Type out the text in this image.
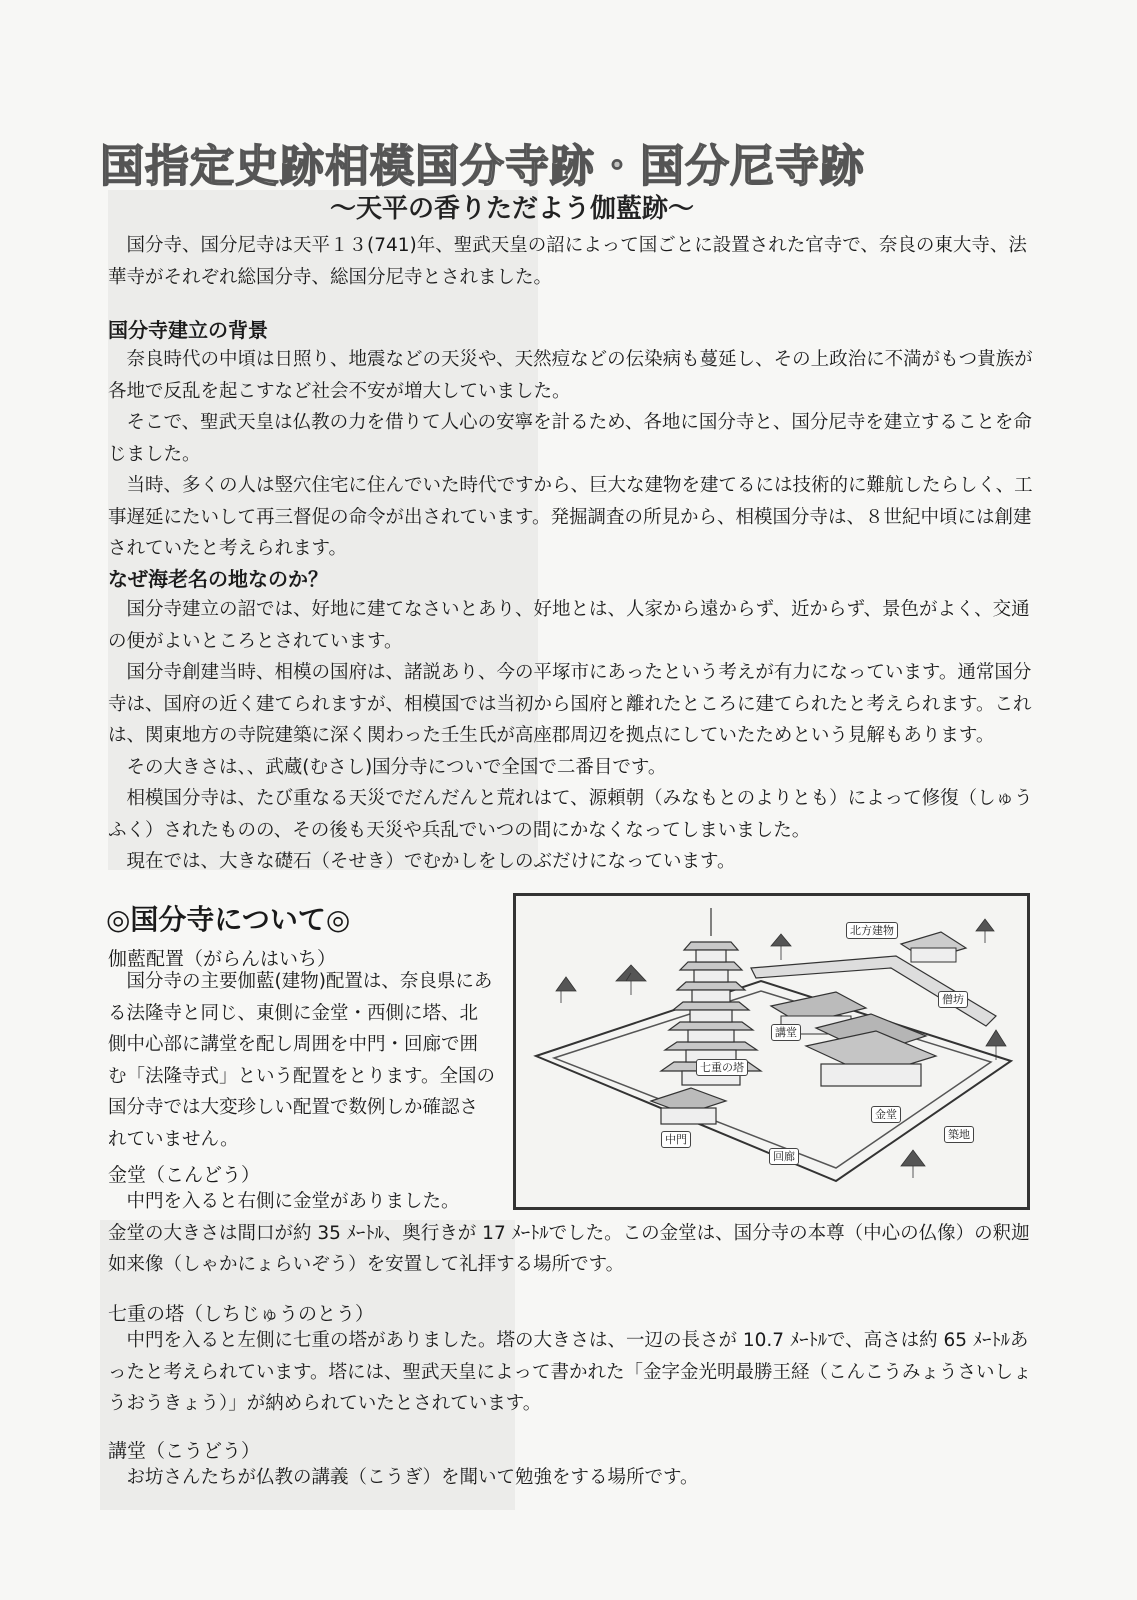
国指定史跡相模国分寺跡・国分尼寺跡
～天平の香りただよう伽藍跡～

国分寺、国分尼寺は天平１３(741)年、聖武天皇の詔によって国ごとに設置された官寺で、奈良の東大寺、法華寺がそれぞれ総国分寺、総国分尼寺とされました。

国分寺建立の背景

奈良時代の中頃は日照り、地震などの天災や、天然痘などの伝染病も蔓延し、その上政治に不満がもつ貴族が各地で反乱を起こすなど社会不安が増大していました。

そこで、聖武天皇は仏教の力を借りて人心の安寧を計るため、各地に国分寺と、国分尼寺を建立することを命じました。

当時、多くの人は竪穴住宅に住んでいた時代ですから、巨大な建物を建てるには技術的に難航したらしく、工事遅延にたいして再三督促の命令が出されています。発掘調査の所見から、相模国分寺は、８世紀中頃には創建されていたと考えられます。

なぜ海老名の地なのか？

国分寺建立の詔では、好地に建てなさいとあり、好地とは、人家から遠からず、近からず、景色がよく、交通の便がよいところとされています。

国分寺創建当時、相模の国府は、諸説あり、今の平塚市にあったという考えが有力になっています。通常国分寺は、国府の近く建てられますが、相模国では当初から国府と離れたところに建てられたと考えられます。これは、関東地方の寺院建築に深く関わった壬生氏が高座郡周辺を拠点にしていたためという見解もあります。

その大きさは、、武蔵(むさし)国分寺についで全国で二番目です。

相模国分寺は、たび重なる天災でだんだんと荒れはて、源頼朝（みなもとのよりとも）によって修復（しゅうふく）されたものの、その後も天災や兵乱でいつの間にかなくなってしまいました。

現在では、大きな礎石（そせき）でむかしをしのぶだけになっています。

◎国分寺について◎
伽藍配置（がらんはいち）

国分寺の主要伽藍(建物)配置は、奈良県にある法隆寺と同じ、東側に金堂・西側に塔、北側中心部に講堂を配し周囲を中門・回廊で囲む「法隆寺式」という配置をとります。全国の国分寺では大変珍しい配置で数例しか確認されていません。

金堂（こんどう）

中門を入ると右側に金堂がありました。

金堂の大きさは間口が約 35 ﾒｰﾄﾙ、奥行きが 17 ﾒｰﾄﾙでした。この金堂は、国分寺の本尊（中心の仏像）の釈迦如来像（しゃかにょらいぞう）を安置して礼拝する場所です。

七重の塔（しちじゅうのとう）

中門を入ると左側に七重の塔がありました。塔の大きさは、一辺の長さが 10.7 ﾒｰﾄﾙで、高さは約 65 ﾒｰﾄﾙあったと考えられています。塔には、聖武天皇によって書かれた「金字金光明最勝王経（こんこうみょうさいしょうおうきょう）」が納められていたとされています。

講堂（こうどう）

お坊さんたちが仏教の講義（こうぎ）を聞いて勉強をする場所です。

北方建物
僧坊
講堂
七重の塔
金堂
築地
中門
回廊
